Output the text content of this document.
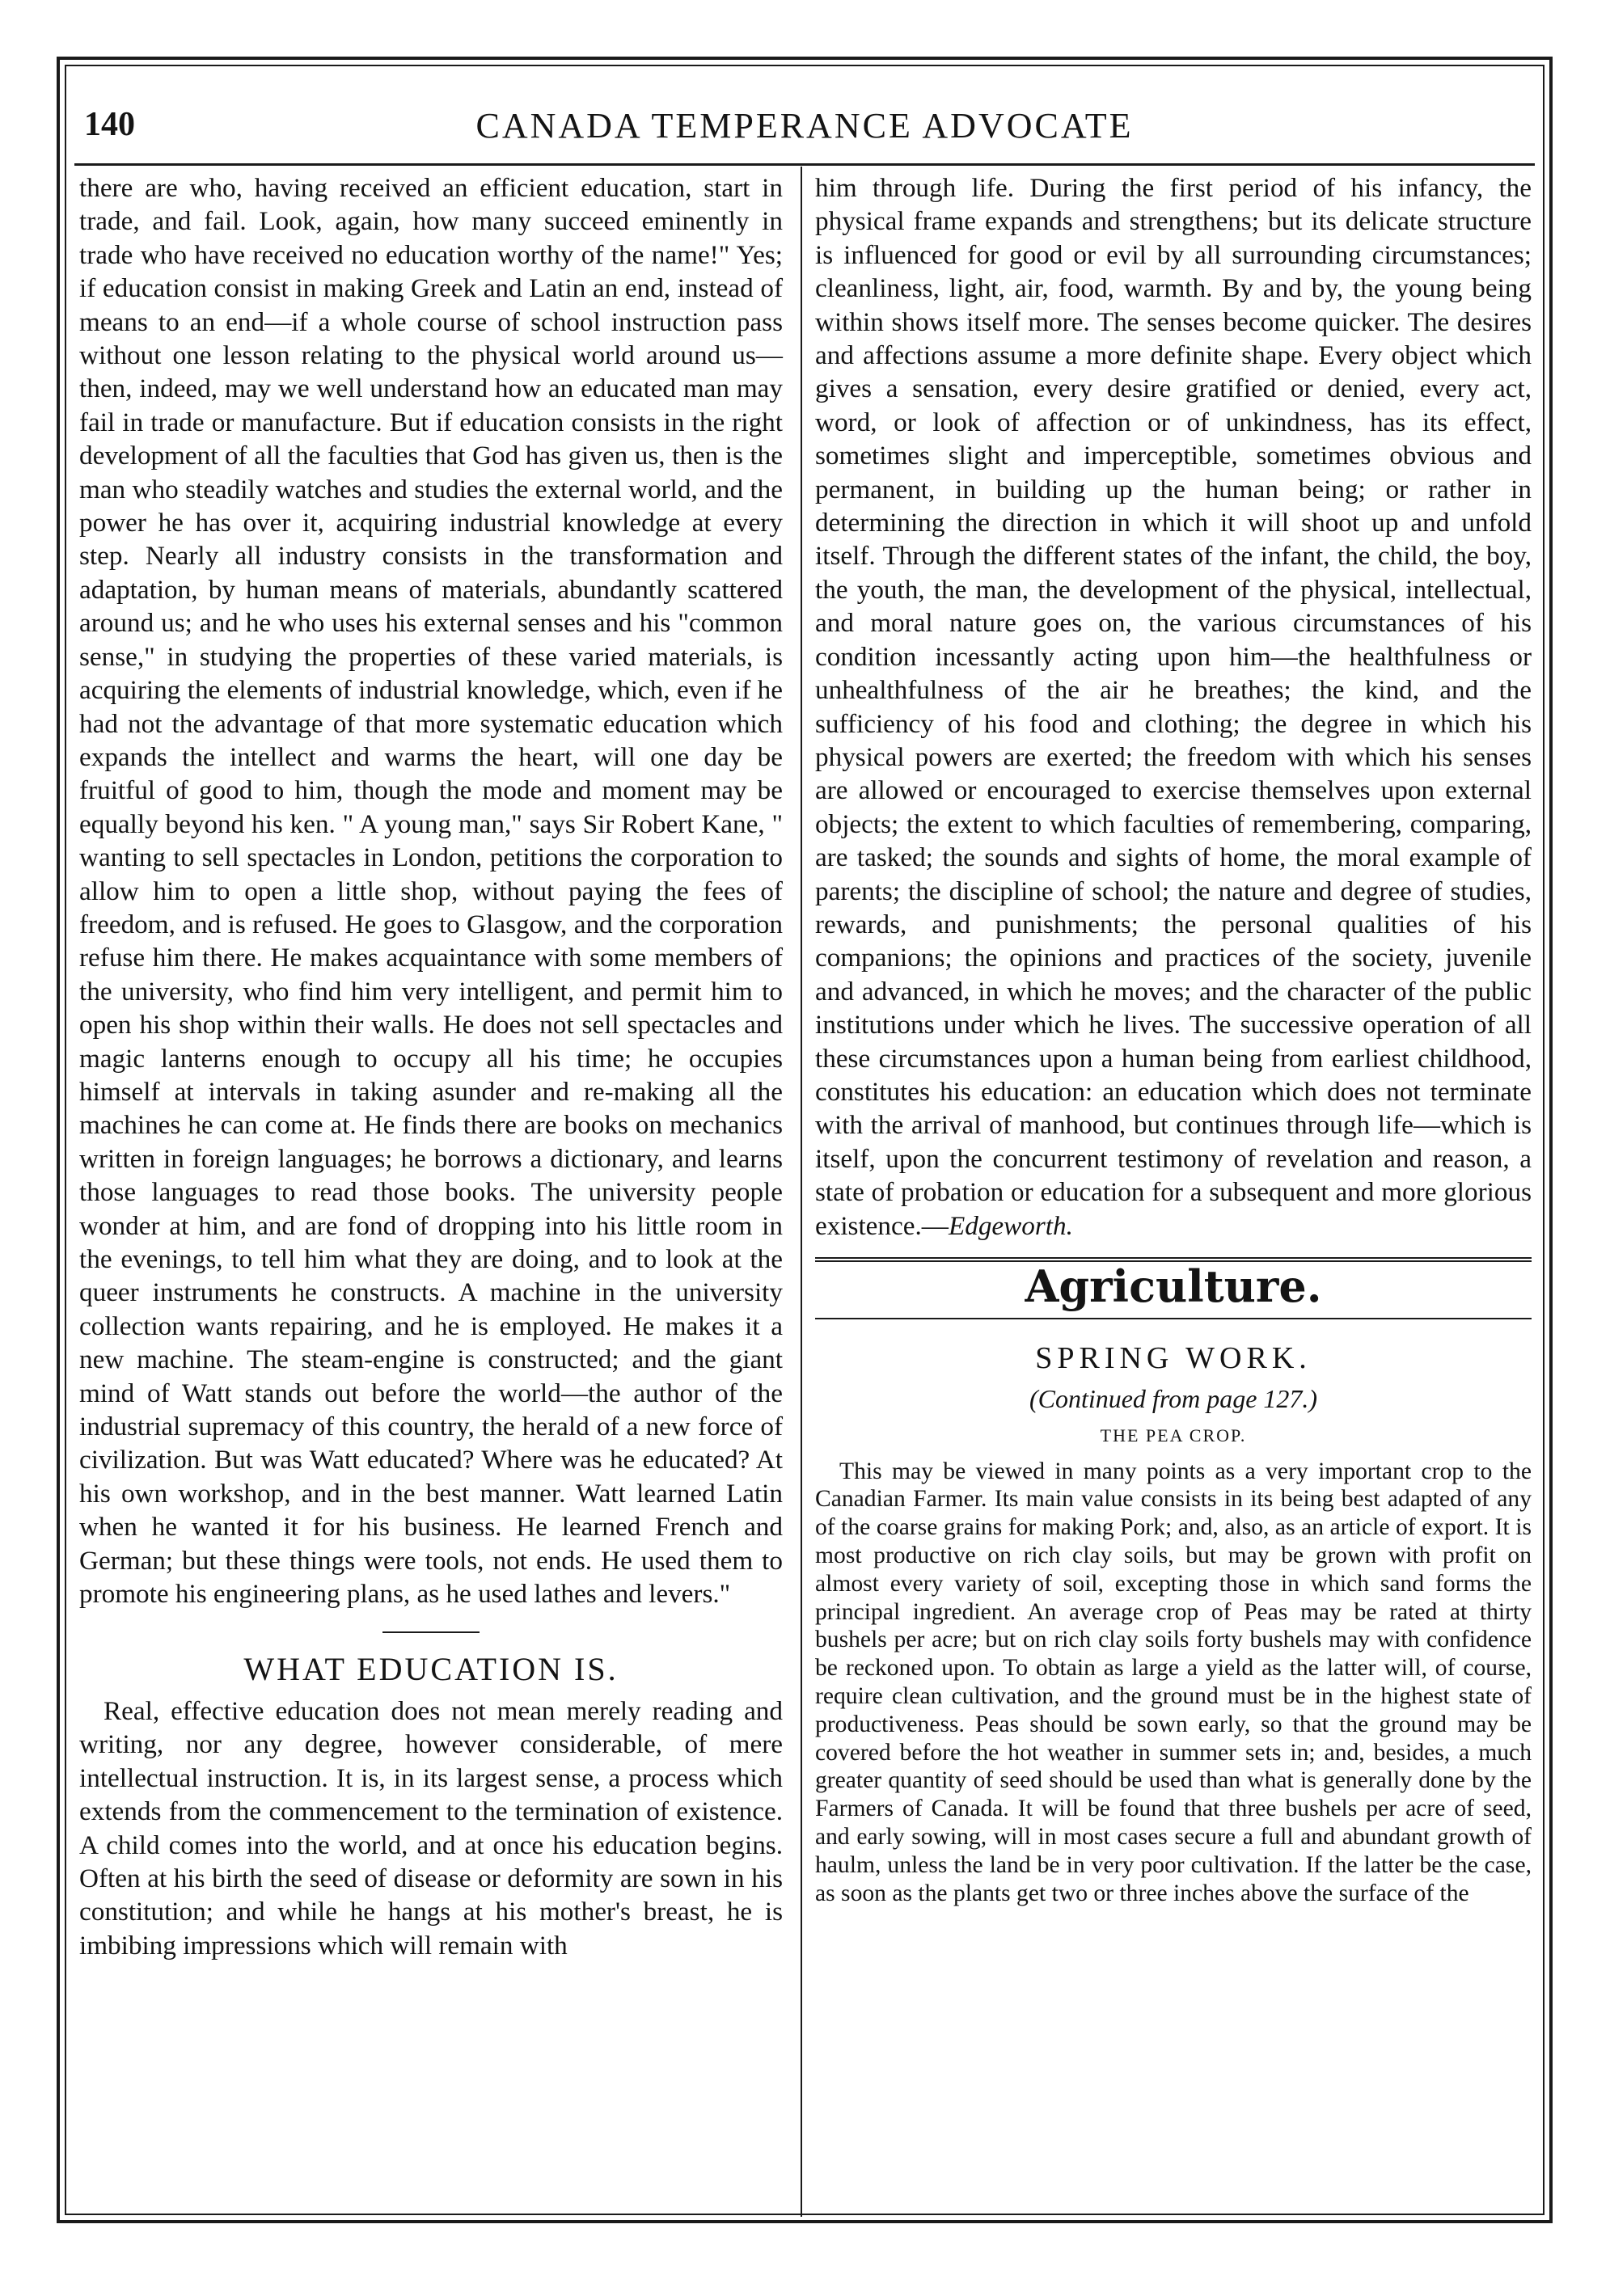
140	CANADA TEMPERANCE ADVOCATE

there are who, having received an efficient education, start in trade, and fail. Look, again, how many succeed eminently in trade who have received no education worthy of the name!" Yes; if education consist in making Greek and Latin an end, instead of means to an end—if a whole course of school instruction pass without one lesson relating to the physical world around us—then, indeed, may we well understand how an educated man may fail in trade or manufacture. But if education consists in the right development of all the faculties that God has given us, then is the man who steadily watches and studies the external world, and the power he has over it, acquiring industrial knowledge at every step. Nearly all industry consists in the transformation and adaptation, by human means of materials, abundantly scattered around us; and he who uses his external senses and his "common sense," in studying the properties of these varied materials, is acquiring the elements of industrial knowledge, which, even if he had not the advantage of that more systematic education which expands the intellect and warms the heart, will one day be fruitful of good to him, though the mode and moment may be equally beyond his ken. " A young man," says Sir Robert Kane, " wanting to sell spectacles in London, petitions the corporation to allow him to open a little shop, without paying the fees of freedom, and is refused. He goes to Glasgow, and the corporation refuse him there. He makes acquaintance with some members of the university, who find him very intelligent, and permit him to open his shop within their walls. He does not sell spectacles and magic lanterns enough to occupy all his time; he occupies himself at intervals in taking asunder and re-making all the machines he can come at. He finds there are books on mechanics written in foreign languages; he borrows a dictionary, and learns those languages to read those books. The university people wonder at him, and are fond of dropping into his little room in the evenings, to tell him what they are doing, and to look at the queer instruments he constructs. A machine in the university collection wants repairing, and he is employed. He makes it a new machine. The steam-engine is constructed; and the giant mind of Watt stands out before the world—the author of the industrial supremacy of this country, the herald of a new force of civilization. But was Watt educated? Where was he educated? At his own workshop, and in the best manner. Watt learned Latin when he wanted it for his business. He learned French and German; but these things were tools, not ends. He used them to promote his engineering plans, as he used lathes and levers."

WHAT EDUCATION IS.

Real, effective education does not mean merely reading and writing, nor any degree, however considerable, of mere intellectual instruction. It is, in its largest sense, a process which extends from the commencement to the termination of existence. A child comes into the world, and at once his education begins. Often at his birth the seed of disease or deformity are sown in his constitution; and while he hangs at his mother's breast, he is imbibing impressions which will remain with

him through life. During the first period of his infancy, the physical frame expands and strengthens; but its delicate structure is influenced for good or evil by all surrounding circumstances; cleanliness, light, air, food, warmth. By and by, the young being within shows itself more. The senses become quicker. The desires and affections assume a more definite shape. Every object which gives a sensation, every desire gratified or denied, every act, word, or look of affection or of unkindness, has its effect, sometimes slight and imperceptible, sometimes obvious and permanent, in building up the human being; or rather in determining the direction in which it will shoot up and unfold itself. Through the different states of the infant, the child, the boy, the youth, the man, the development of the physical, intellectual, and moral nature goes on, the various circumstances of his condition incessantly acting upon him—the healthfulness or unhealthfulness of the air he breathes; the kind, and the sufficiency of his food and clothing; the degree in which his physical powers are exerted; the freedom with which his senses are allowed or encouraged to exercise themselves upon external objects; the extent to which faculties of remembering, comparing, are tasked; the sounds and sights of home, the moral example of parents; the discipline of school; the nature and degree of studies, rewards, and punishments; the personal qualities of his companions; the opinions and practices of the society, juvenile and advanced, in which he moves; and the character of the public institutions under which he lives. The successive operation of all these circumstances upon a human being from earliest childhood, constitutes his education: an education which does not terminate with the arrival of manhood, but continues through life—which is itself, upon the concurrent testimony of revelation and reason, a state of probation or education for a subsequent and more glorious existence.—Edgeworth.

Agriculture.
SPRING WORK.
(Continued from page 127.)
THE PEA CROP.

This may be viewed in many points as a very important crop to the Canadian Farmer. Its main value consists in its being best adapted of any of the coarse grains for making Pork; and, also, as an article of export. It is most productive on rich clay soils, but may be grown with profit on almost every variety of soil, excepting those in which sand forms the principal ingredient. An average crop of Peas may be rated at thirty bushels per acre; but on rich clay soils forty bushels may with confidence be reckoned upon. To obtain as large a yield as the latter will, of course, require clean cultivation, and the ground must be in the highest state of productiveness. Peas should be sown early, so that the ground may be covered before the hot weather in summer sets in; and, besides, a much greater quantity of seed should be used than what is generally done by the Farmers of Canada. It will be found that three bushels per acre of seed, and early sowing, will in most cases secure a full and abundant growth of haulm, unless the land be in very poor cultivation. If the latter be the case, as soon as the plants get two or three inches above the surface of the
